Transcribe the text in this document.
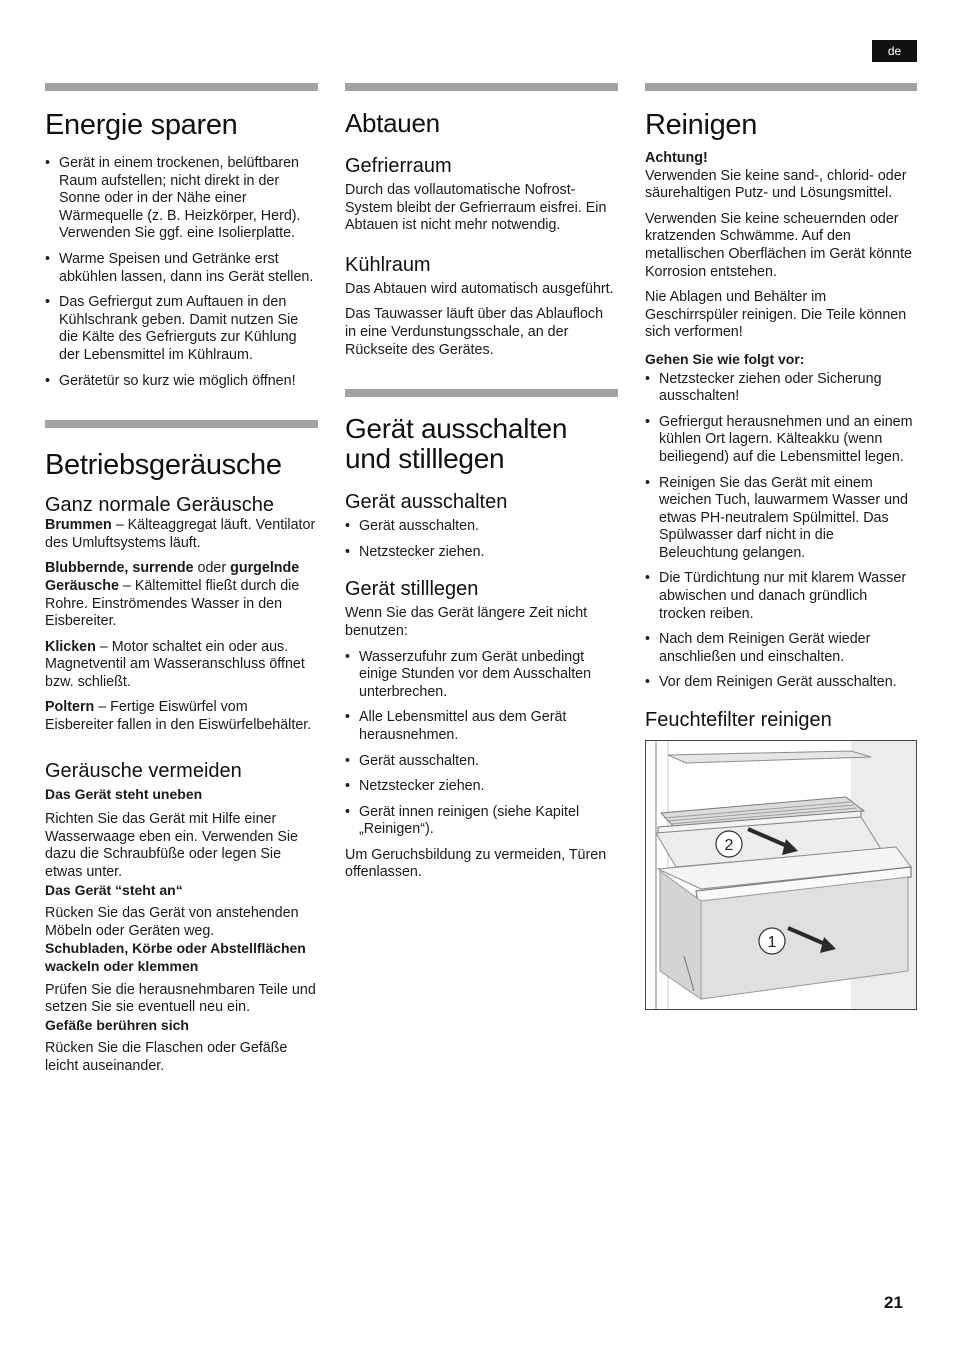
de
Energie sparen
• Gerät in einem trockenen, belüftbaren Raum aufstellen; nicht direkt in der Sonne oder in der Nähe einer Wärmequelle (z. B. Heizkörper, Herd). Verwenden Sie ggf. eine Isolierplatte.
• Warme Speisen und Getränke erst abkühlen lassen, dann ins Gerät stellen.
• Das Gefriergut zum Auftauen in den Kühlschrank geben. Damit nutzen Sie die Kälte des Gefrierguts zur Kühlung der Lebensmittel im Kühlraum.
• Gerätetür so kurz wie möglich öffnen!
Betriebsgeräusche
Ganz normale Geräusche

Brummen – Kälteaggregat läuft. Ventilator des Umluftsystems läuft.

Blubbernde, surrende oder gurgelnde Geräusche – Kältemittel fließt durch die Rohre. Einströmendes Wasser in den Eisbereiter.

Klicken – Motor schaltet ein oder aus. Magnetventil am Wasseranschluss öffnet bzw. schließt.

Poltern – Fertige Eiswürfel vom Eisbereiter fallen in den Eiswürfelbehälter.

Geräusche vermeiden

Das Gerät steht uneben

Richten Sie das Gerät mit Hilfe einer Wasserwaage eben ein. Verwenden Sie dazu die Schraubfüße oder legen Sie etwas unter.

Das Gerät “steht an“

Rücken Sie das Gerät von anstehenden Möbeln oder Geräten weg.

Schubladen, Körbe oder Abstellflächen wackeln oder klemmen

Prüfen Sie die herausnehmbaren Teile und setzen Sie sie eventuell neu ein.

Gefäße berühren sich

Rücken Sie die Flaschen oder Gefäße leicht auseinander.

Abtauen
Gefrierraum

Durch das vollautomatische Nofrost-System bleibt der Gefrierraum eisfrei. Ein Abtauen ist nicht mehr notwendig.

Kühlraum

Das Abtauen wird automatisch ausgeführt.

Das Tauwasser läuft über das Ablaufloch in eine Verdunstungsschale, an der Rückseite des Gerätes.

Gerät ausschalten
und stilllegen
Gerät ausschalten
• Gerät ausschalten.
• Netzstecker ziehen.
Gerät stilllegen

Wenn Sie das Gerät längere Zeit nicht benutzen:

• Wasserzufuhr zum Gerät unbedingt einige Stunden vor dem Ausschalten unterbrechen.
• Alle Lebensmittel aus dem Gerät herausnehmen.
• Gerät ausschalten.
• Netzstecker ziehen.
• Gerät innen reinigen (siehe Kapitel „Reinigen“).

Um Geruchsbildung zu vermeiden, Türen offenlassen.

Reinigen

Achtung!

Verwenden Sie keine sand-, chlorid- oder säurehaltigen Putz- und Lösungsmittel.

Verwenden Sie keine scheuernden oder kratzenden Schwämme. Auf den metallischen Oberflächen im Gerät könnte Korrosion entstehen.

Nie Ablagen und Behälter im Geschirrspüler reinigen. Die Teile können sich verformen!

Gehen Sie wie folgt vor:

• Netzstecker ziehen oder Sicherung ausschalten!
• Gefriergut herausnehmen und an einem kühlen Ort lagern. Kälteakku (wenn beiliegend) auf die Lebensmittel legen.
• Reinigen Sie das Gerät mit einem weichen Tuch, lauwarmem Wasser und etwas PH-neutralem Spülmittel. Das Spülwasser darf nicht in die Beleuchtung gelangen.
• Die Türdichtung nur mit klarem Wasser abwischen und danach gründlich trocken reiben.
• Nach dem Reinigen Gerät wieder anschließen und einschalten.
• Vor dem Reinigen Gerät ausschalten.
Feuchtefilter reinigen
2
1
21
